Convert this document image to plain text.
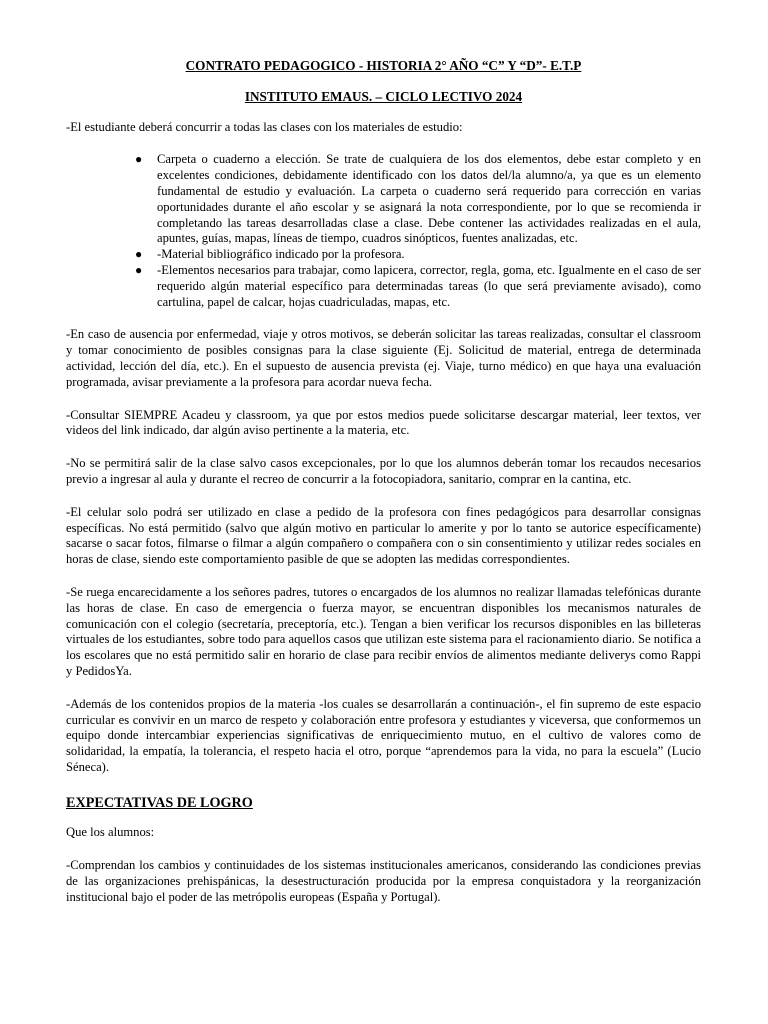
CONTRATO PEDAGOGICO - HISTORIA 2° AÑO “C” Y “D”- E.T.P

INSTITUTO EMAUS. – CICLO LECTIVO 2024

-El estudiante deberá concurrir a todas las clases con los materiales de estudio:

● Carpeta o cuaderno a elección. Se trate de cualquiera de los dos elementos, debe estar completo y en excelentes condiciones, debidamente identificado con los datos del/la alumno/a, ya que es un elemento fundamental de estudio y evaluación. La carpeta o cuaderno será requerido para corrección en varias oportunidades durante el año escolar y se asignará la nota correspondiente, por lo que se recomienda ir completando las tareas desarrolladas clase a clase. Debe contener las actividades realizadas en el aula, apuntes, guías, mapas, líneas de tiempo, cuadros sinópticos, fuentes analizadas, etc.
● -Material bibliográfico indicado por la profesora.
● -Elementos necesarios para trabajar, como lapicera, corrector, regla, goma, etc. Igualmente en el caso de ser requerido algún material específico para determinadas tareas (lo que será previamente avisado), como cartulina, papel de calcar, hojas cuadriculadas, mapas, etc.

-En caso de ausencia por enfermedad, viaje y otros motivos, se deberán solicitar las tareas realizadas, consultar el classroom y tomar conocimiento de posibles consignas para la clase siguiente (Ej. Solicitud de material, entrega de determinada actividad, lección del día, etc.). En el supuesto de ausencia prevista (ej. Viaje, turno médico) en que haya una evaluación programada, avisar previamente a la profesora para acordar nueva fecha.

-Consultar SIEMPRE Acadeu y classroom, ya que por estos medios puede solicitarse descargar material, leer textos, ver videos del link indicado, dar algún aviso pertinente a la materia, etc.

-No se permitirá salir de la clase salvo casos excepcionales, por lo que los alumnos deberán tomar los recaudos necesarios previo a ingresar al aula y durante el recreo de concurrir a la fotocopiadora, sanitario, comprar en la cantina, etc.

-El celular solo podrá ser utilizado en clase a pedido de la profesora con fines pedagógicos para desarrollar consignas específicas. No está permitido (salvo que algún motivo en particular lo amerite y por lo tanto se autorice específicamente) sacarse o sacar fotos, filmarse o filmar a algún compañero o compañera con o sin consentimiento y utilizar redes sociales en horas de clase, siendo este comportamiento pasible de que se adopten las medidas correspondientes.

-Se ruega encarecidamente a los señores padres, tutores o encargados de los alumnos no realizar llamadas telefónicas durante las horas de clase. En caso de emergencia o fuerza mayor, se encuentran disponibles los mecanismos naturales de comunicación con el colegio (secretaría, preceptoría, etc.). Tengan a bien verificar los recursos disponibles en las billeteras virtuales de los estudiantes, sobre todo para aquellos casos que utilizan este sistema para el racionamiento diario. Se notifica a los escolares que no está permitido salir en horario de clase para recibir envíos de alimentos mediante deliverys como Rappi y PedidosYa.

-Además de los contenidos propios de la materia -los cuales se desarrollarán a continuación-, el fin supremo de este espacio curricular es convivir en un marco de respeto y colaboración entre profesora y estudiantes y viceversa, que conformemos un equipo donde intercambiar experiencias significativas de enriquecimiento mutuo, en el cultivo de valores como de solidaridad, la empatía, la tolerancia, el respeto hacia el otro, porque “aprendemos para la vida, no para la escuela” (Lucio Séneca).

EXPECTATIVAS DE LOGRO

Que los alumnos:

-Comprendan los cambios y continuidades de los sistemas institucionales americanos, considerando las condiciones previas de las organizaciones prehispánicas, la desestructuración producida por la empresa conquistadora y la reorganización institucional bajo el poder de las metrópolis europeas (España y Portugal).
